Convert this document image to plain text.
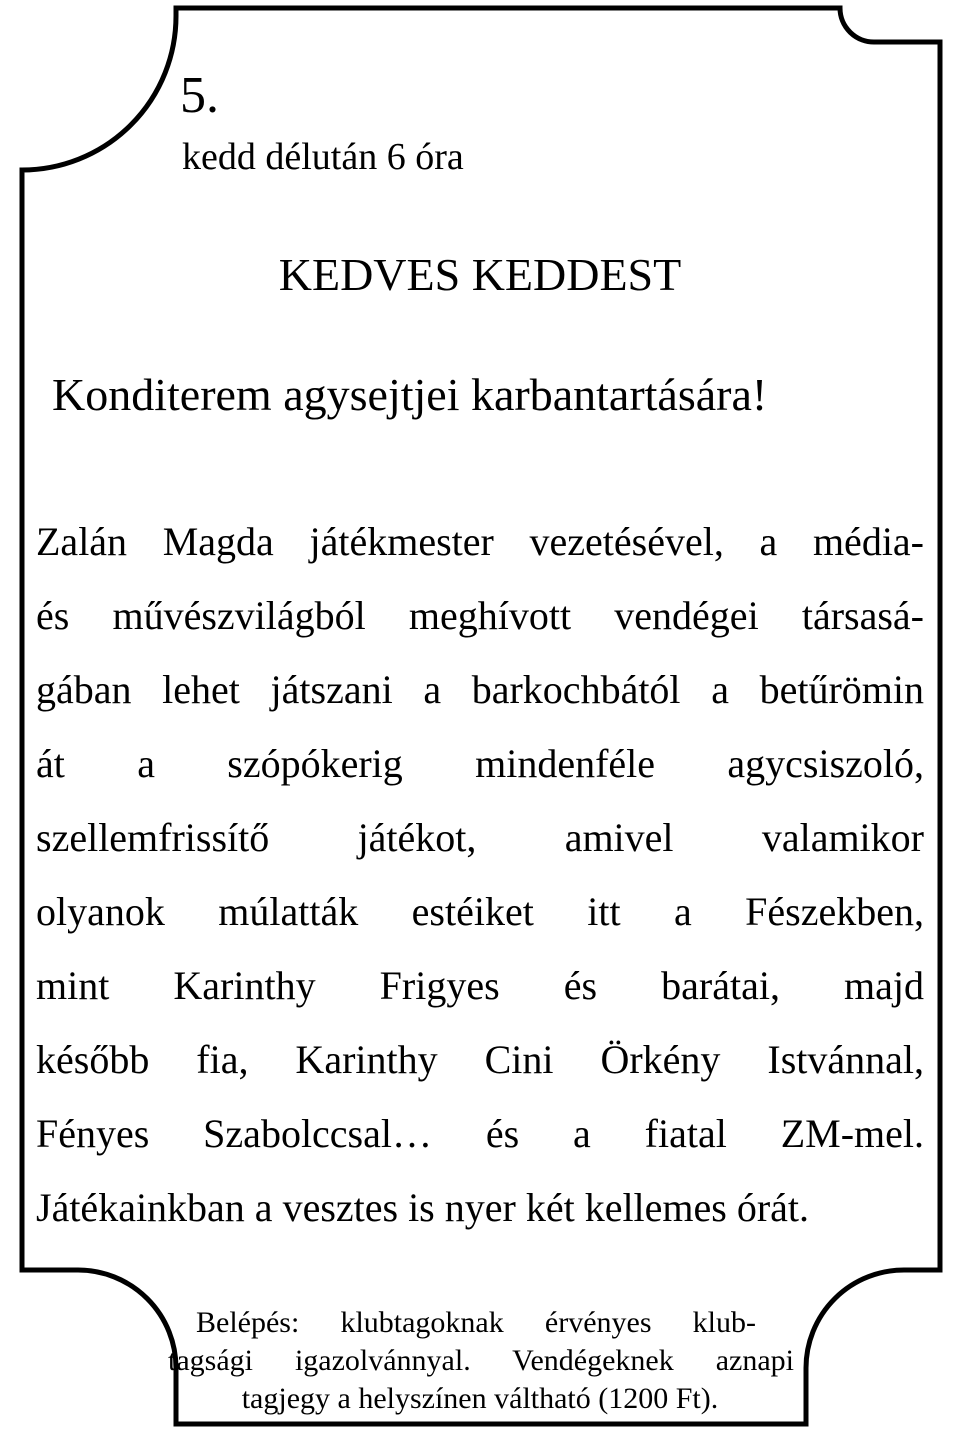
5.
kedd délután 6 óra
KEDVES KEDDEST
Konditerem agysejtjei karbantartására!

Zalán Magda játékmester vezetésével, a média-

és művészvilágból meghívott vendégei társasá-

gában lehet játszani a barkochbától a betűrömin

át a szópókerig mindenféle agycsiszoló,

szellemfrissítő játékot, amivel valamikor

olyanok múlatták estéiket itt a Fészekben,

mint Karinthy Frigyes és barátai, majd

később fia, Karinthy Cini Örkény Istvánnal,

Fényes Szabolccsal… és a fiatal ZM-mel.

Játékainkban a vesztes is nyer két kellemes órát.

Belépés: klubtagoknak érvényes klub-

tagsági igazolvánnyal. Vendégeknek aznapi

tagjegy a helyszínen váltható (1200 Ft).
